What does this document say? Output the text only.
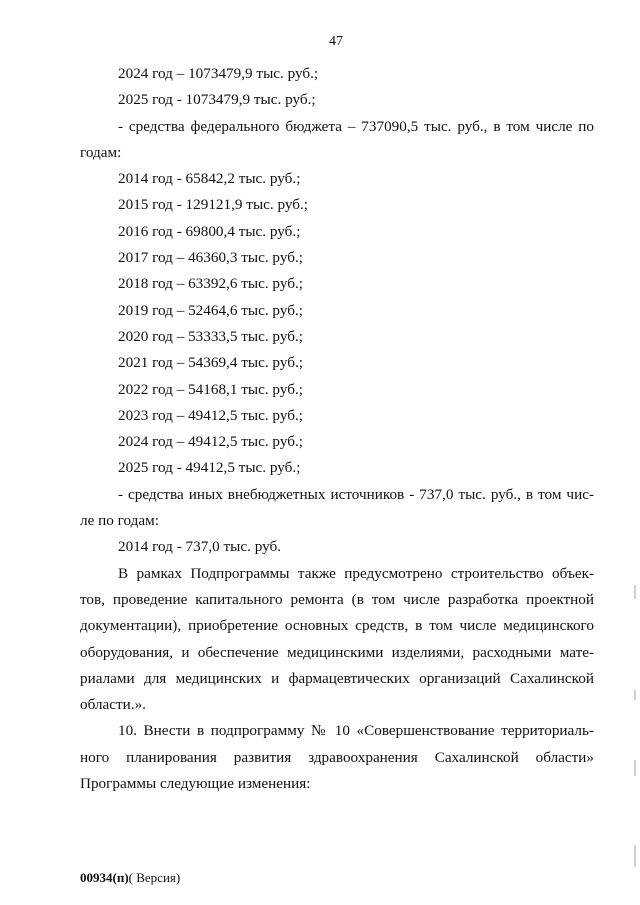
47
2024 год – 1073479,9 тыс. руб.;
2025 год - 1073479,9 тыс. руб.;
- средства федерального бюджета – 737090,5 тыс. руб., в том числе по
годам:
2014 год - 65842,2 тыс. руб.;
2015 год - 129121,9 тыс. руб.;
2016 год - 69800,4 тыс. руб.;
2017 год – 46360,3 тыс. руб.;
2018 год – 63392,6 тыс. руб.;
2019 год – 52464,6 тыс. руб.;
2020 год – 53333,5 тыс. руб.;
2021 год – 54369,4 тыс. руб.;
2022 год – 54168,1 тыс. руб.;
2023 год – 49412,5 тыс. руб.;
2024 год – 49412,5 тыс. руб.;
2025 год - 49412,5 тыс. руб.;
- средства иных внебюджетных источников - 737,0 тыс. руб., в том чис-
ле по годам:
2014 год - 737,0 тыс. руб.
В рамках Подпрограммы также предусмотрено строительство объек-
тов, проведение капитального ремонта (в том числе разработка проектной
документации), приобретение основных средств, в том числе медицинского
оборудования, и обеспечение медицинскими изделиями, расходными мате-
риалами для медицинских и фармацевтических организаций Сахалинской
области.».
10. Внести в подпрограмму № 10 «Совершенствование территориаль-
ного планирования развития здравоохранения Сахалинской области»
Программы следующие изменения:
00934(п)( Версия)
